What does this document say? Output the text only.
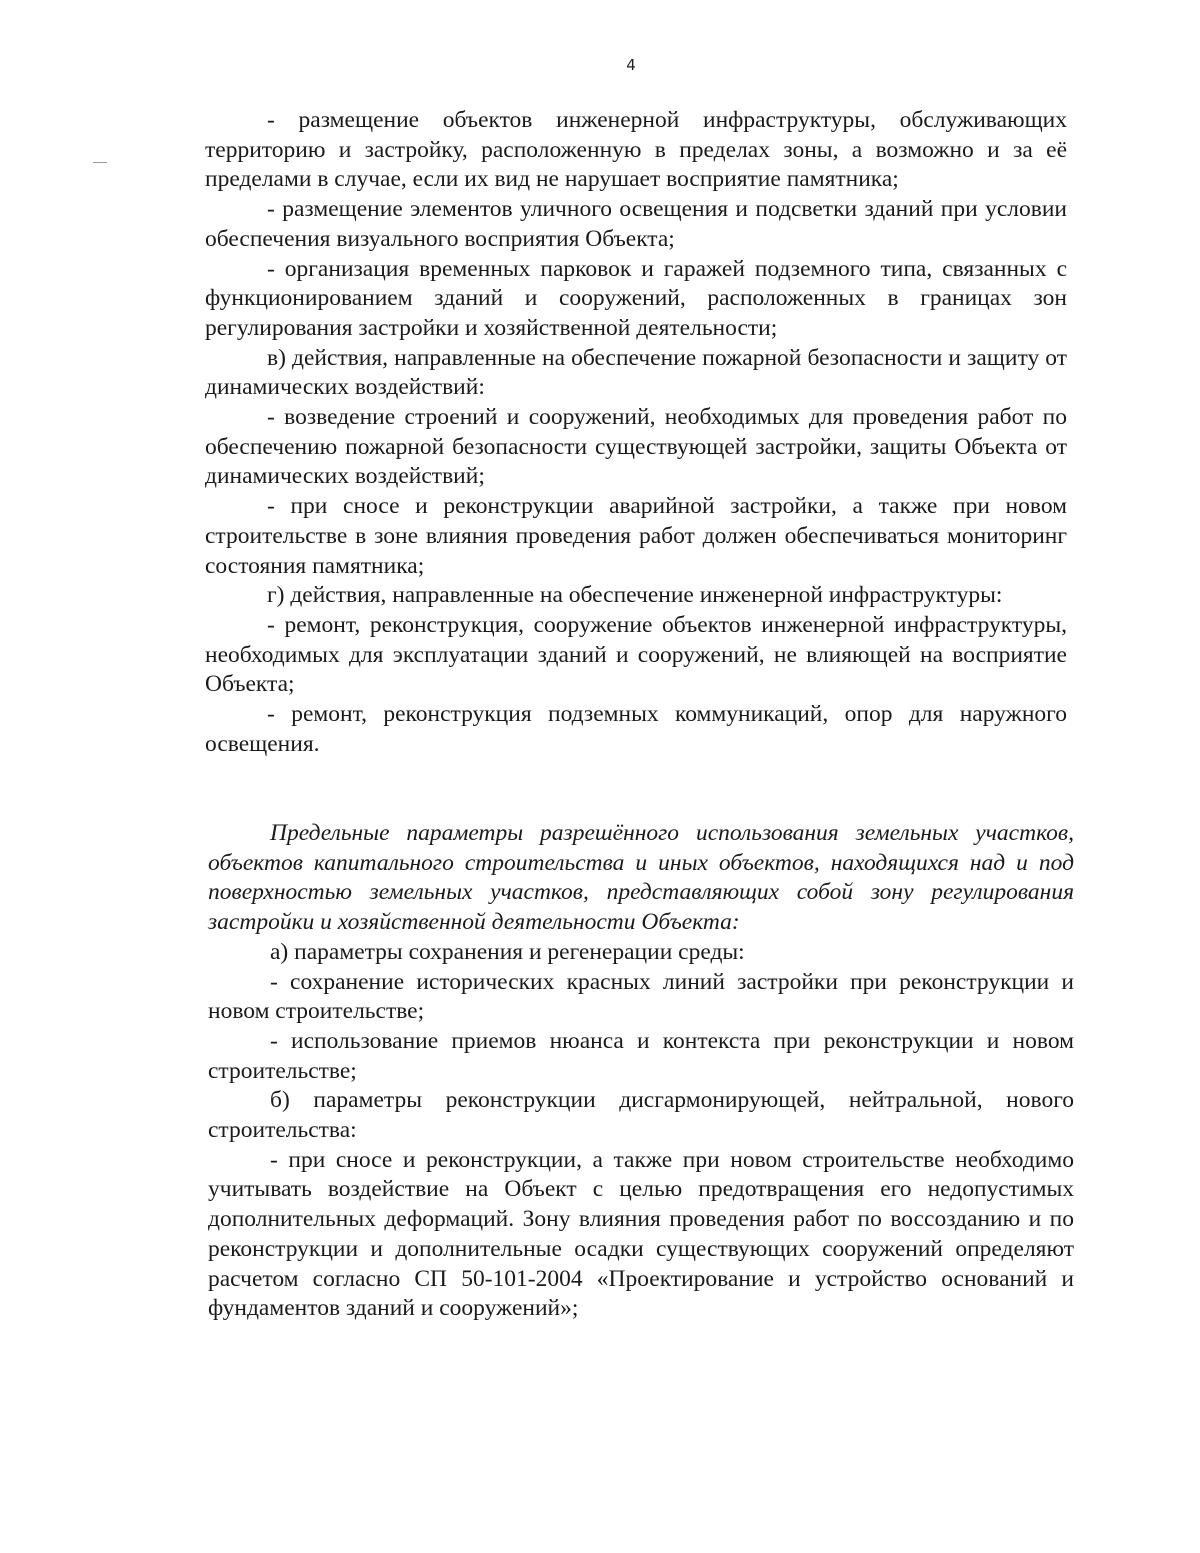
4

- размещение объектов инженерной инфраструктуры, обслуживающих территорию и застройку, расположенную в пределах зоны, а возможно и за её пределами в случае, если их вид не нарушает восприятие памятника;

- размещение элементов уличного освещения и подсветки зданий при условии обеспечения визуального восприятия Объекта;

- организация временных парковок и гаражей подземного типа, связанных с функционированием зданий и сооружений, расположенных в границах зон регулирования застройки и хозяйственной деятельности;

в) действия, направленные на обеспечение пожарной безопасности и защиту от динамических воздействий:

- возведение строений и сооружений, необходимых для проведения работ по обеспечению пожарной безопасности существующей застройки, защиты Объекта от динамических воздействий;

- при сносе и реконструкции аварийной застройки, а также при новом строительстве в зоне влияния проведения работ должен обеспечиваться мониторинг состояния памятника;

г) действия, направленные на обеспечение инженерной инфраструктуры:

- ремонт, реконструкция, сооружение объектов инженерной инфраструктуры, необходимых для эксплуатации зданий и сооружений, не влияющей на восприятие Объекта;

- ремонт, реконструкция подземных коммуникаций, опор для наружного освещения.

Предельные параметры разрешённого использования земельных участков, объектов капитального строительства и иных объектов, находящихся над и под поверхностью земельных участков, представляющих собой зону регулирования застройки и хозяйственной деятельности Объекта:

а) параметры сохранения и регенерации среды:

- сохранение исторических красных линий застройки при реконструкции и новом строительстве;

- использование приемов нюанса и контекста при реконструкции и новом строительстве;

б) параметры реконструкции дисгармонирующей, нейтральной, нового строительства:

- при сносе и реконструкции, а также при новом строительстве необходимо учитывать воздействие на Объект с целью предотвращения его недопустимых дополнительных деформаций. Зону влияния проведения работ по воссозданию и по реконструкции и дополнительные осадки существующих сооружений определяют расчетом согласно СП 50-101-2004 «Проектирование и устройство оснований и фундаментов зданий и сооружений»;
